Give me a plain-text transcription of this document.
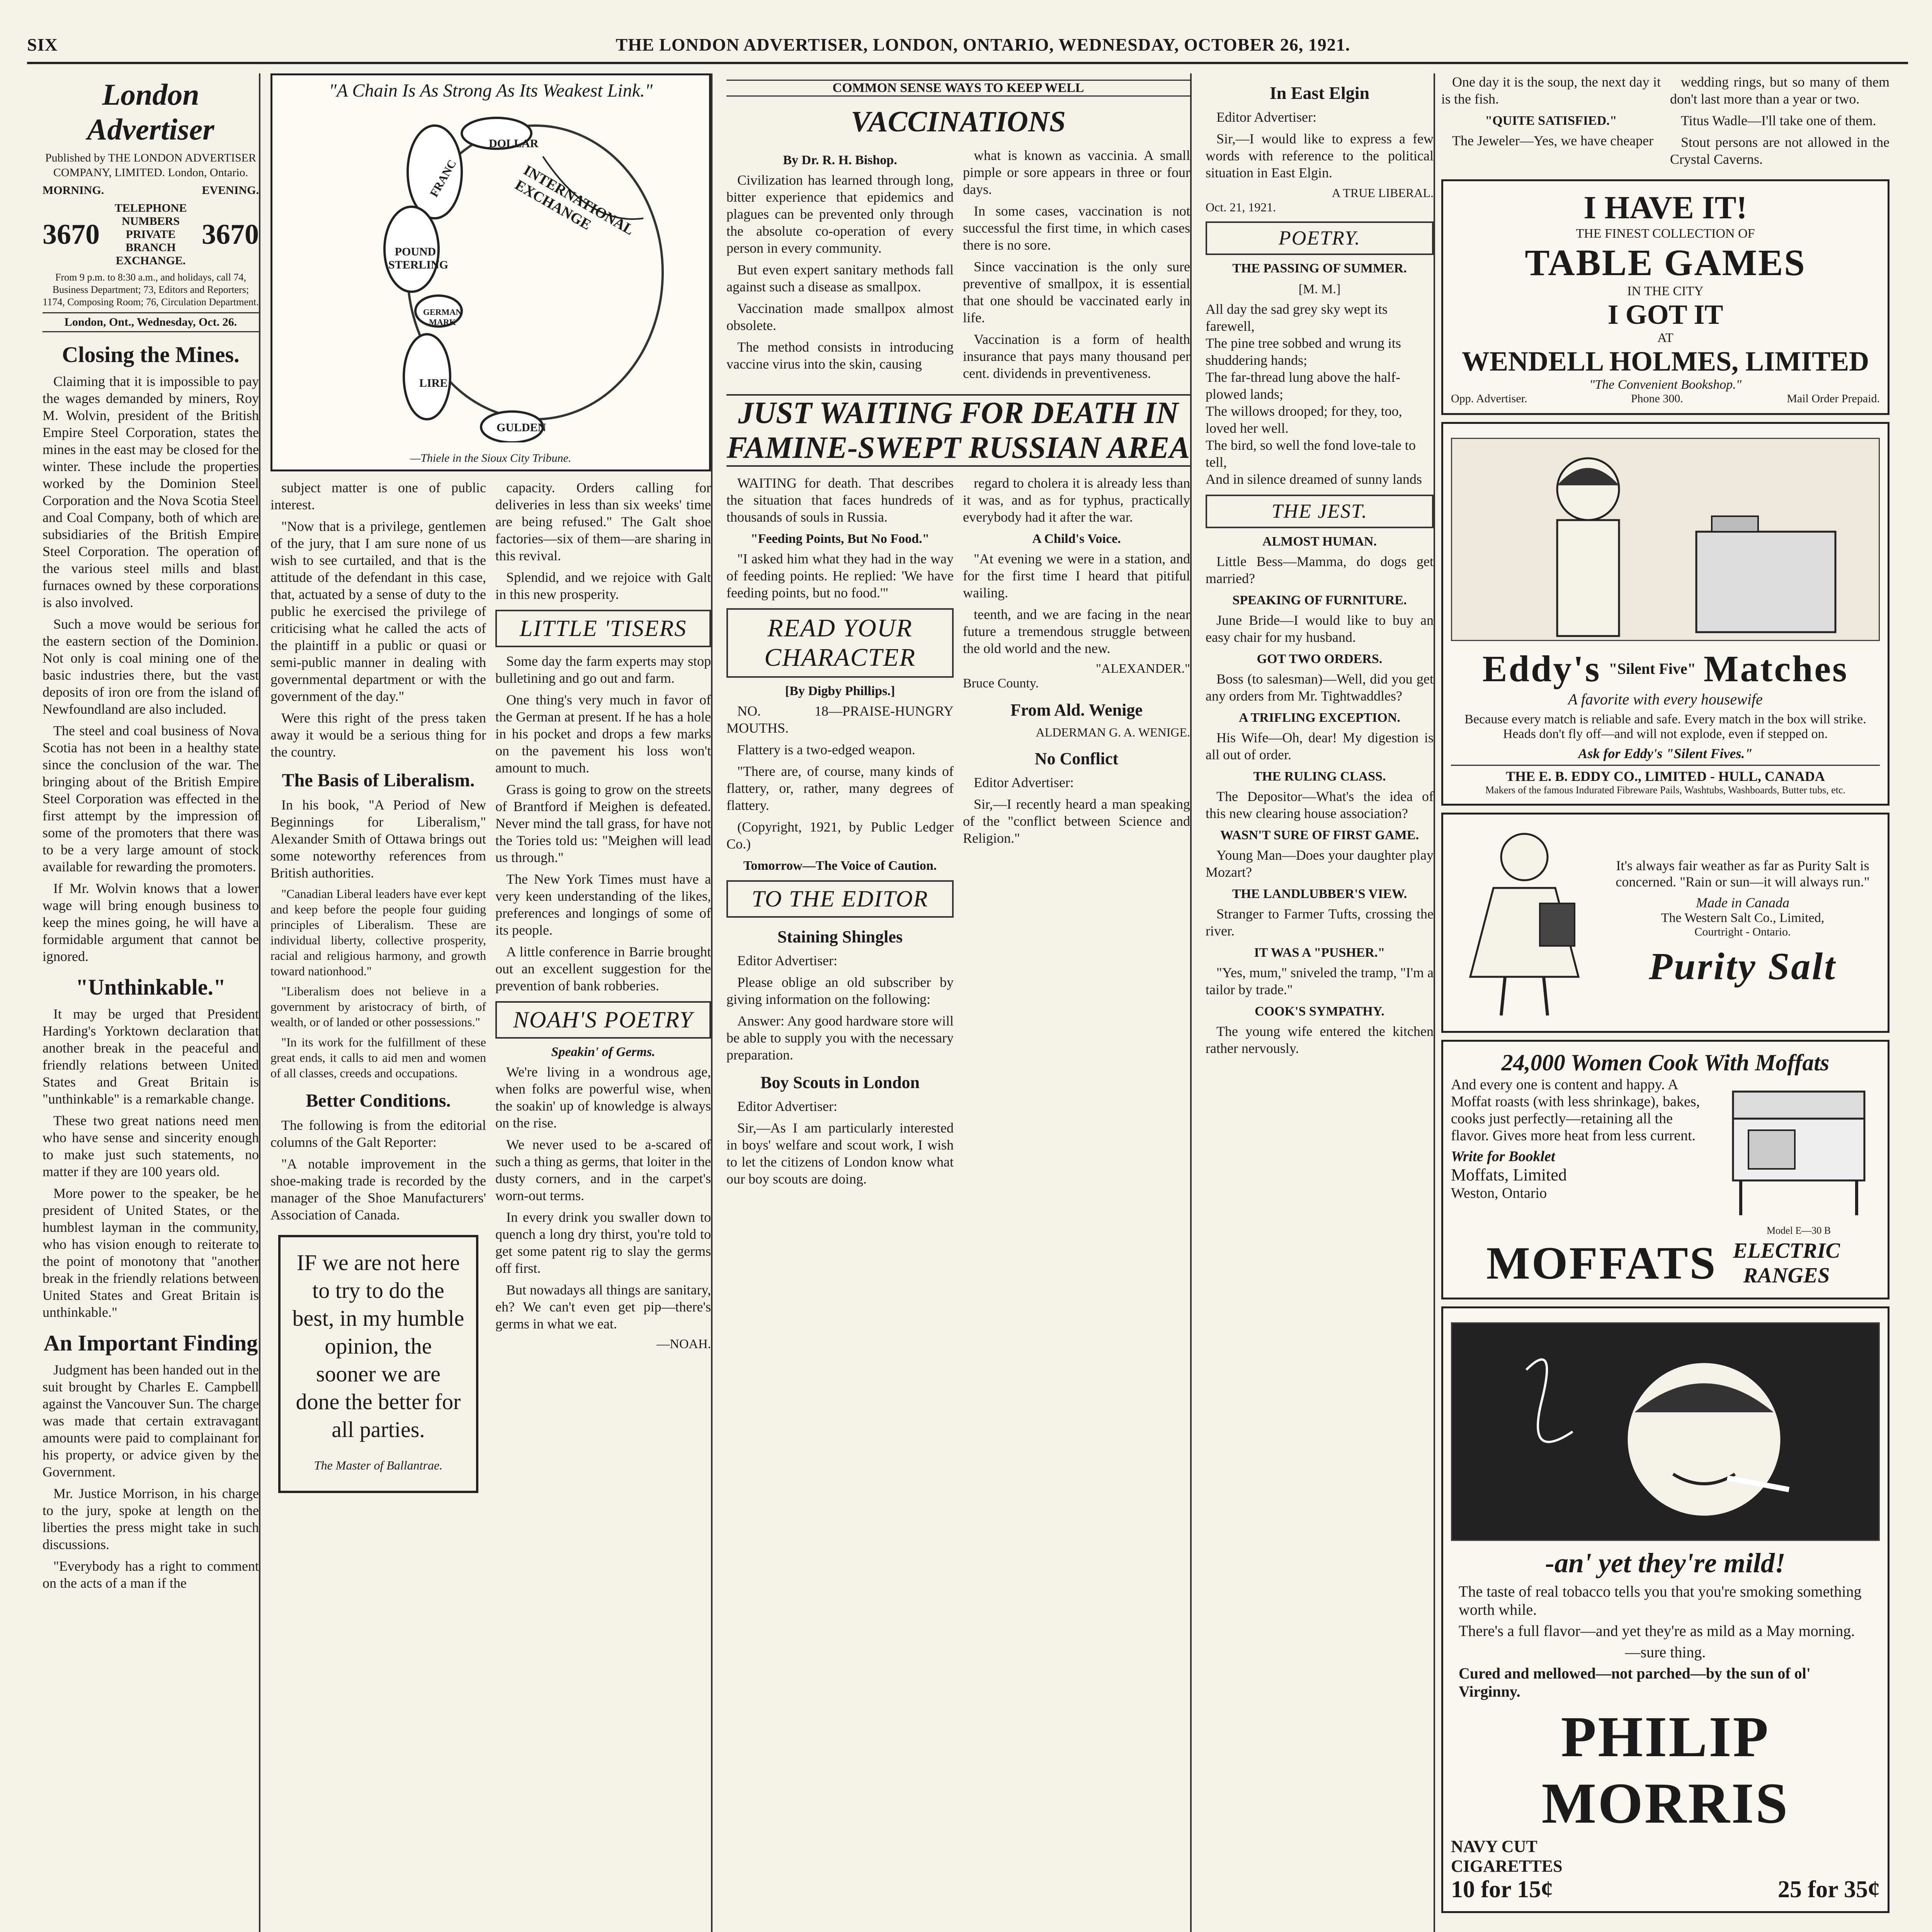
SIX	THE LONDON ADVERTISER, LONDON, ONTARIO, WEDNESDAY, OCTOBER 26, 1921.
London Advertiser
Published by THE LONDON ADVERTISER COMPANY, LIMITED. London, Ontario.
MORNING.	EVENING.
3670
TELEPHONE NUMBERS PRIVATE BRANCH EXCHANGE.
3670
From 9 p.m. to 8:30 a.m., and holidays, call 74, Business Department; 73, Editors and Reporters; 1174, Composing Room; 76, Circulation Department.
London, Ont., Wednesday, Oct. 26.
Closing the Mines.

Claiming that it is impossible to pay the wages demanded by miners, Roy M. Wolvin, president of the British Empire Steel Corporation, states the mines in the east may be closed for the winter. These include the properties worked by the Dominion Steel Corporation and the Nova Scotia Steel and Coal Company, both of which are subsidiaries of the British Empire Steel Corporation. The operation of the various steel mills and blast furnaces owned by these corporations is also involved.

Such a move would be serious for the eastern section of the Dominion. Not only is coal mining one of the basic industries there, but the vast deposits of iron ore from the island of Newfoundland are also included.

The steel and coal business of Nova Scotia has not been in a healthy state since the conclusion of the war. The bringing about of the British Empire Steel Corporation was effected in the first attempt by the impression of some of the promoters that there was to be a very large amount of stock available for rewarding the promoters.

If Mr. Wolvin knows that a lower wage will bring enough business to keep the mines going, he will have a formidable argument that cannot be ignored.

"Unthinkable."

It may be urged that President Harding's Yorktown declaration that another break in the peaceful and friendly relations between United States and Great Britain is "unthinkable" is a remarkable change.

These two great nations need men who have sense and sincerity enough to make just such statements, no matter if they are 100 years old.

More power to the speaker, be he president of United States, or the humblest layman in the community, who has vision enough to reiterate to the point of monotony that "another break in the friendly relations between United States and Great Britain is unthinkable."

An Important Finding

Judgment has been handed out in the suit brought by Charles E. Campbell against the Vancouver Sun. The charge was made that certain extravagant amounts were paid to complainant for his property, or advice given by the Government.

Mr. Justice Morrison, in his charge to the jury, spoke at length on the liberties the press might take in such discussions.

"Everybody has a right to comment on the acts of a man if the

"A Chain Is As Strong As Its Weakest Link."
DOLLAR
FRANC	INTERNATIONAL EXCHANGE
POUND STERLING
GERMAN MARK
LIRE
GULDEN
—Thiele in the Sioux City Tribune.

subject matter is one of public interest.

"Now that is a privilege, gentlemen of the jury, that I am sure none of us wish to see curtailed, and that is the attitude of the defendant in this case, that, actuated by a sense of duty to the public he exercised the privilege of criticising what he called the acts of the plaintiff in a public or quasi or semi-public manner in dealing with governmental department or with the government of the day."

Were this right of the press taken away it would be a serious thing for the country.

The Basis of Liberalism.

In his book, "A Period of New Beginnings for Liberalism," Alexander Smith of Ottawa brings out some noteworthy references from British authorities.

"Canadian Liberal leaders have ever kept and keep before the people four guiding principles of Liberalism. These are individual liberty, collective prosperity, racial and religious harmony, and growth toward nationhood."

"Liberalism does not believe in a government by aristocracy of birth, of wealth, or of landed or other possessions."

"In its work for the fulfillment of these great ends, it calls to aid men and women of all classes, creeds and occupations.

Better Conditions.

The following is from the editorial columns of the Galt Reporter:

"A notable improvement in the shoe-making trade is recorded by the manager of the Shoe Manufacturers' Association of Canada.

IF we are not here to try to do the best, in my humble opinion, the sooner we are done the better for all parties.
The Master of Ballantrae.

capacity. Orders calling for deliveries in less than six weeks' time are being refused." The Galt shoe factories—six of them—are sharing in this revival.

Splendid, and we rejoice with Galt in this new prosperity.

LITTLE 'TISERS

Some day the farm experts may stop bulletining and go out and farm.

One thing's very much in favor of the German at present. If he has a hole in his pocket and drops a few marks on the pavement his loss won't amount to much.

Grass is going to grow on the streets of Brantford if Meighen is defeated. Never mind the tall grass, for have not the Tories told us: "Meighen will lead us through."

The New York Times must have a very keen understanding of the likes, preferences and longings of some of its people.

A little conference in Barrie brought out an excellent suggestion for the prevention of bank robberies.

NOAH'S POETRY
Speakin' of Germs.

We're living in a wondrous age, when folks are powerful wise, when the soakin' up of knowledge is always on the rise.

We never used to be a-scared of such a thing as germs, that loiter in the dusty corners, and in the carpet's worn-out terms.

In every drink you swaller down to quench a long dry thirst, you're told to get some patent rig to slay the germs off first.

But nowadays all things are sanitary, eh? We can't even get pip—there's germs in what we eat.

—NOAH.
COMMON SENSE WAYS TO KEEP WELL
VACCINATIONS
By Dr. R. H. Bishop.

Civilization has learned through long, bitter experience that epidemics and plagues can be prevented only through the absolute co-operation of every person in every community.

But even expert sanitary methods fall against such a disease as smallpox.

Vaccination made smallpox almost obsolete.

The method consists in introducing vaccine virus into the skin, causing

what is known as vaccinia. A small pimple or sore appears in three or four days.

In some cases, vaccination is not successful the first time, in which cases there is no sore.

Since vaccination is the only sure preventive of smallpox, it is essential that one should be vaccinated early in life.

Vaccination is a form of health insurance that pays many thousand per cent. dividends in preventiveness.

JUST WAITING FOR DEATH IN FAMINE-SWEPT RUSSIAN AREA

WAITING for death. That describes the situation that faces hundreds of thousands of souls in Russia.

"Feeding Points, But No Food."

"I asked him what they had in the way of feeding points. He replied: 'We have feeding points, but no food.'"

READ YOUR CHARACTER
[By Digby Phillips.]

NO. 18—PRAISE-HUNGRY MOUTHS.

Flattery is a two-edged weapon.

"There are, of course, many kinds of flattery, or, rather, many degrees of flattery.

(Copyright, 1921, by Public Ledger Co.)

Tomorrow—The Voice of Caution.
TO THE EDITOR
Staining Shingles

Editor Advertiser:

Please oblige an old subscriber by giving information on the following:

Answer: Any good hardware store will be able to supply you with the necessary preparation.

Boy Scouts in London

Editor Advertiser:

Sir,—As I am particularly interested in boys' welfare and scout work, I wish to let the citizens of London know what our boy scouts are doing.

regard to cholera it is already less than it was, and as for typhus, practically everybody had it after the war.

A Child's Voice.

"At evening we were in a station, and for the first time I heard that pitiful wailing.

teenth, and we are facing in the near future a tremendous struggle between the old world and the new.

"ALEXANDER."
Bruce County.
From Ald. Wenige
ALDERMAN G. A. WENIGE.
No Conflict

Editor Advertiser:

Sir,—I recently heard a man speaking of the "conflict between Science and Religion."

In East Elgin

Editor Advertiser:

Sir,—I would like to express a few words with reference to the political situation in East Elgin.

A TRUE LIBERAL.
Oct. 21, 1921.
POETRY.
THE PASSING OF SUMMER.
[M. M.]
All day the sad grey sky wept its farewell,
The pine tree sobbed and wrung its shuddering hands;
The far-thread lung above the half-plowed lands;
The willows drooped; for they, too, loved her well.
The bird, so well the fond love-tale to tell,
And in silence dreamed of sunny lands
THE JEST.
ALMOST HUMAN.

Little Bess—Mamma, do dogs get married?

SPEAKING OF FURNITURE.

June Bride—I would like to buy an easy chair for my husband.

GOT TWO ORDERS.

Boss (to salesman)—Well, did you get any orders from Mr. Tightwaddles?

A TRIFLING EXCEPTION.

His Wife—Oh, dear! My digestion is all out of order.

THE RULING CLASS.

The Depositor—What's the idea of this new clearing house association?

WASN'T SURE OF FIRST GAME.

Young Man—Does your daughter play Mozart?

THE LANDLUBBER'S VIEW.

Stranger to Farmer Tufts, crossing the river.

IT WAS A "PUSHER."

"Yes, mum," sniveled the tramp, "I'm a tailor by trade."

COOK'S SYMPATHY.

The young wife entered the kitchen rather nervously.

One day it is the soup, the next day it is the fish.

"QUITE SATISFIED."

The Jeweler—Yes, we have cheaper

wedding rings, but so many of them don't last more than a year or two.

Titus Wadle—I'll take one of them.

Stout persons are not allowed in the Crystal Caverns.

I HAVE IT!
THE FINEST COLLECTION OF
TABLE GAMES
IN THE CITY
I GOT IT
AT
WENDELL HOLMES, LIMITED
"The Convenient Bookshop."
Opp. Advertiser.	Phone 300.	Mail Order Prepaid.
Eddy's "Silent Five" Matches
A favorite with every housewife
Because every match is reliable and safe. Every match in the box will strike. Heads don't fly off—and will not explode, even if stepped on.
Ask for Eddy's "Silent Fives."
THE E. B. EDDY CO., LIMITED - HULL, CANADA
Makers of the famous Indurated Fibreware Pails, Washtubs, Washboards, Butter tubs, etc.
It's always fair weather as far as Purity Salt is concerned. "Rain or sun—it will always run."
Made in Canada
The Western Salt Co., Limited,
Courtright - Ontario.
Purity Salt
24,000 Women Cook With Moffats
And every one is content and happy. A Moffat roasts (with less shrinkage), bakes, cooks just perfectly—retaining all the flavor. Gives more heat from less current.
Write for Booklet
Moffats, Limited
Weston, Ontario
Model E—30 B
MOFFATS ELECTRIC RANGES
-an' yet they're mild!
The taste of real tobacco tells you that you're smoking something worth while.
There's a full flavor—and yet they're as mild as a May morning.
—sure thing.
Cured and mellowed—not parched—by the sun of ol' Virginny.
PHILIP MORRIS
NAVY CUT
CIGARETTES
10 for 15¢	25 for 35¢
